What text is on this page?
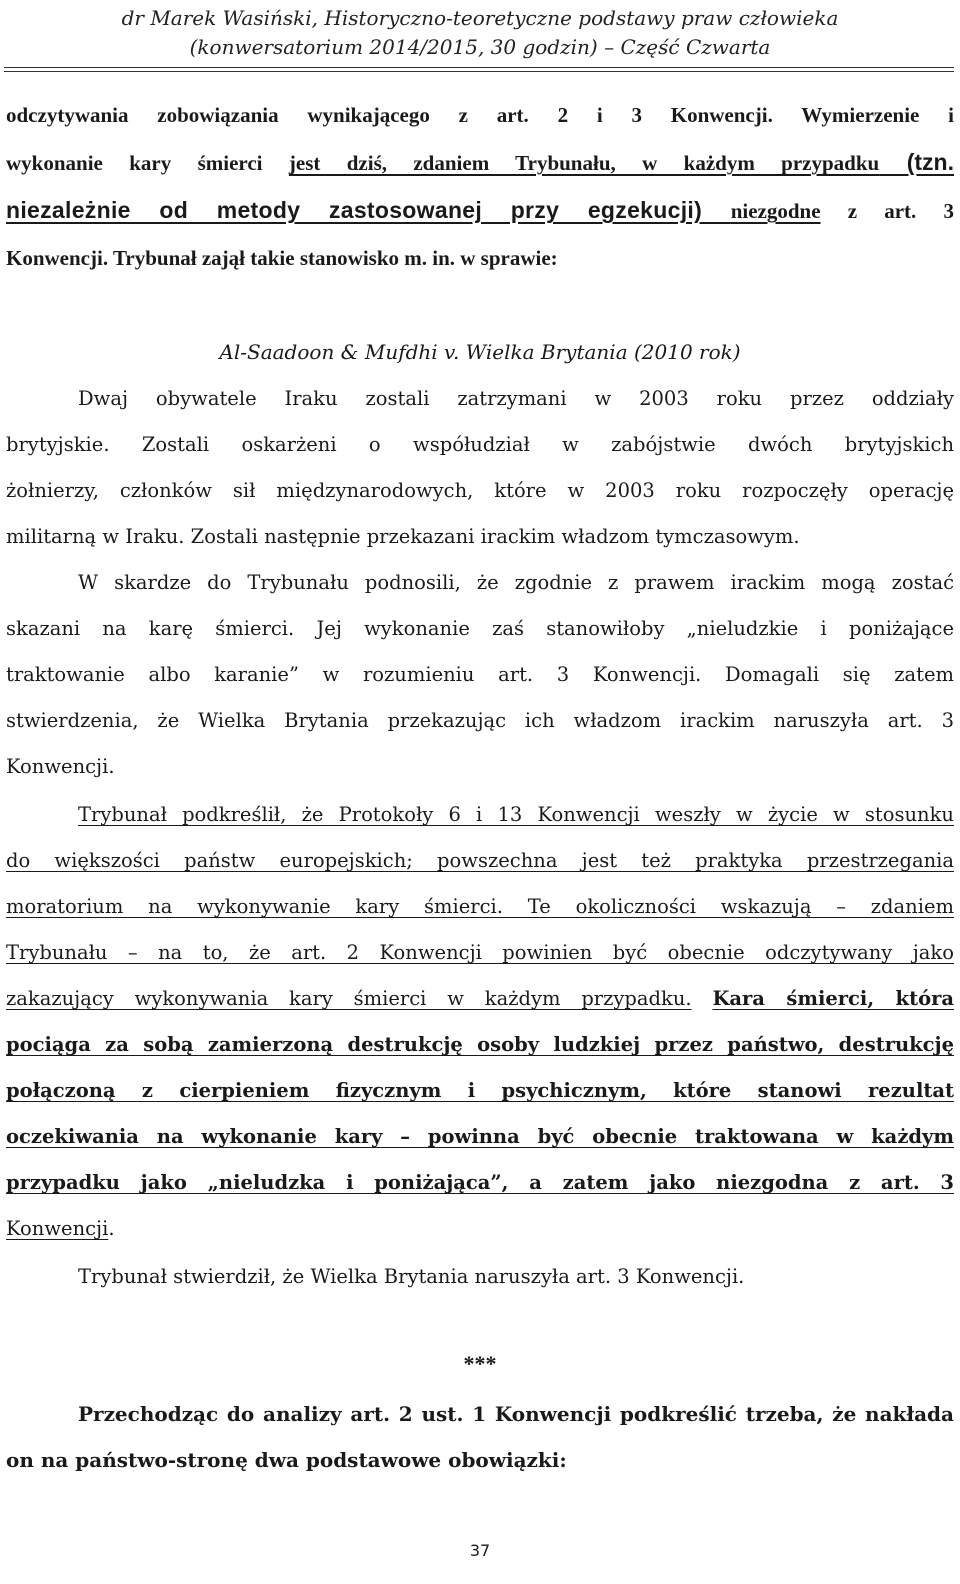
dr Marek Wasiński, Historyczno-teoretyczne podstawy praw człowieka
(konwersatorium 2014/2015, 30 godzin) – Część Czwarta
odczytywania zobowiązania wynikającego z art. 2 i 3 Konwencji. Wymierzenie i
wykonanie kary śmierci jest dziś, zdaniem Trybunału, w każdym przypadku (tzn.
niezależnie od metody zastosowanej przy egzekucji) niezgodne z art. 3
Konwencji. Trybunał zajął takie stanowisko m. in. w sprawie:
Al-Saadoon & Mufdhi v. Wielka Brytania (2010 rok)
Dwaj obywatele Iraku zostali zatrzymani w 2003 roku przez oddziały
brytyjskie. Zostali oskarżeni o współudział w zabójstwie dwóch brytyjskich
żołnierzy, członków sił międzynarodowych, które w 2003 roku rozpoczęły operację
militarną w Iraku. Zostali następnie przekazani irackim władzom tymczasowym.
W skardze do Trybunału podnosili, że zgodnie z prawem irackim mogą zostać
skazani na karę śmierci. Jej wykonanie zaś stanowiłoby „nieludzkie i poniżające
traktowanie albo karanie” w rozumieniu art. 3 Konwencji. Domagali się zatem
stwierdzenia, że Wielka Brytania przekazując ich władzom irackim naruszyła art. 3
Konwencji.
Trybunał podkreślił, że Protokoły 6 i 13 Konwencji weszły w życie w stosunku
do większości państw europejskich; powszechna jest też praktyka przestrzegania
moratorium na wykonywanie kary śmierci. Te okoliczności wskazują – zdaniem
Trybunału – na to, że art. 2 Konwencji powinien być obecnie odczytywany jako
zakazujący wykonywania kary śmierci w każdym przypadku. Kara śmierci, która
pociąga za sobą zamierzoną destrukcję osoby ludzkiej przez państwo, destrukcję
połączoną z cierpieniem fizycznym i psychicznym, które stanowi rezultat
oczekiwania na wykonanie kary – powinna być obecnie traktowana w każdym
przypadku jako „nieludzka i poniżająca”, a zatem jako niezgodna z art. 3
Konwencji.
Trybunał stwierdził, że Wielka Brytania naruszyła art. 3 Konwencji.
***
Przechodząc do analizy art. 2 ust. 1 Konwencji podkreślić trzeba, że nakłada
on na państwo-stronę dwa podstawowe obowiązki:
37
